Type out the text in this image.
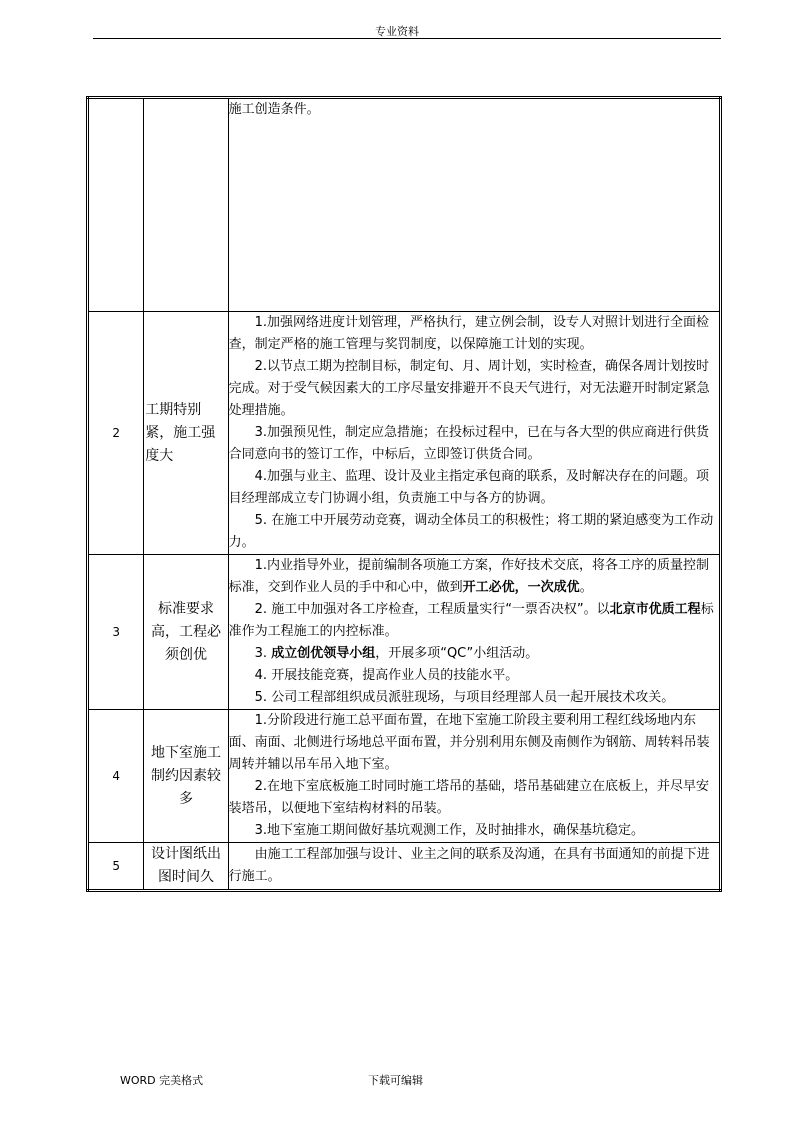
专业资料

		施工创造条件。

2	工期特别紧，施工强度大	1.加强网络进度计划管理，严格执行，建立例会制，设专人对照计划进行全面检查，制定严格的施工管理与奖罚制度，以保障施工计划的实现。

2.以节点工期为控制目标，制定旬、月、周计划，实时检查，确保各周计划按时完成。对于受气候因素大的工序尽量安排避开不良天气进行，对无法避开时制定紧急处理措施。

3.加强预见性，制定应急措施；在投标过程中，已在与各大型的供应商进行供货合同意向书的签订工作，中标后，立即签订供货合同。

4.加强与业主、监理、设计及业主指定承包商的联系，及时解决存在的问题。项目经理部成立专门协调小组，负责施工中与各方的协调。

5. 在施工中开展劳动竞赛，调动全体员工的积极性；将工期的紧迫感变为工作动力。

3	标准要求高，工程必须创优	1.内业指导外业，提前编制各项施工方案，作好技术交底，将各工序的质量控制标准，交到作业人员的手中和心中，做到开工必优，一次成优。

2. 施工中加强对各工序检查，工程质量实行“一票否决权”。以北京市优质工程标准作为工程施工的内控标准。

3. 成立创优领导小组，开展多项“QC”小组活动。

4. 开展技能竞赛，提高作业人员的技能水平。

5. 公司工程部组织成员派驻现场，与项目经理部人员一起开展技术攻关。

4	地下室施工制约因素较多	1.分阶段进行施工总平面布置，在地下室施工阶段主要利用工程红线场地内东面、南面、北侧进行场地总平面布置，并分别利用东侧及南侧作为钢筋、周转料吊装周转并辅以吊车吊入地下室。

2.在地下室底板施工时同时施工塔吊的基础，塔吊基础建立在底板上，并尽早安装塔吊，以便地下室结构材料的吊装。

3.地下室施工期间做好基坑观测工作，及时抽排水，确保基坑稳定。

5	设计图纸出图时间久	由施工工程部加强与设计、业主之间的联系及沟通，在具有书面通知的前提下进行施工。

WORD 完美格式	下载可编辑
